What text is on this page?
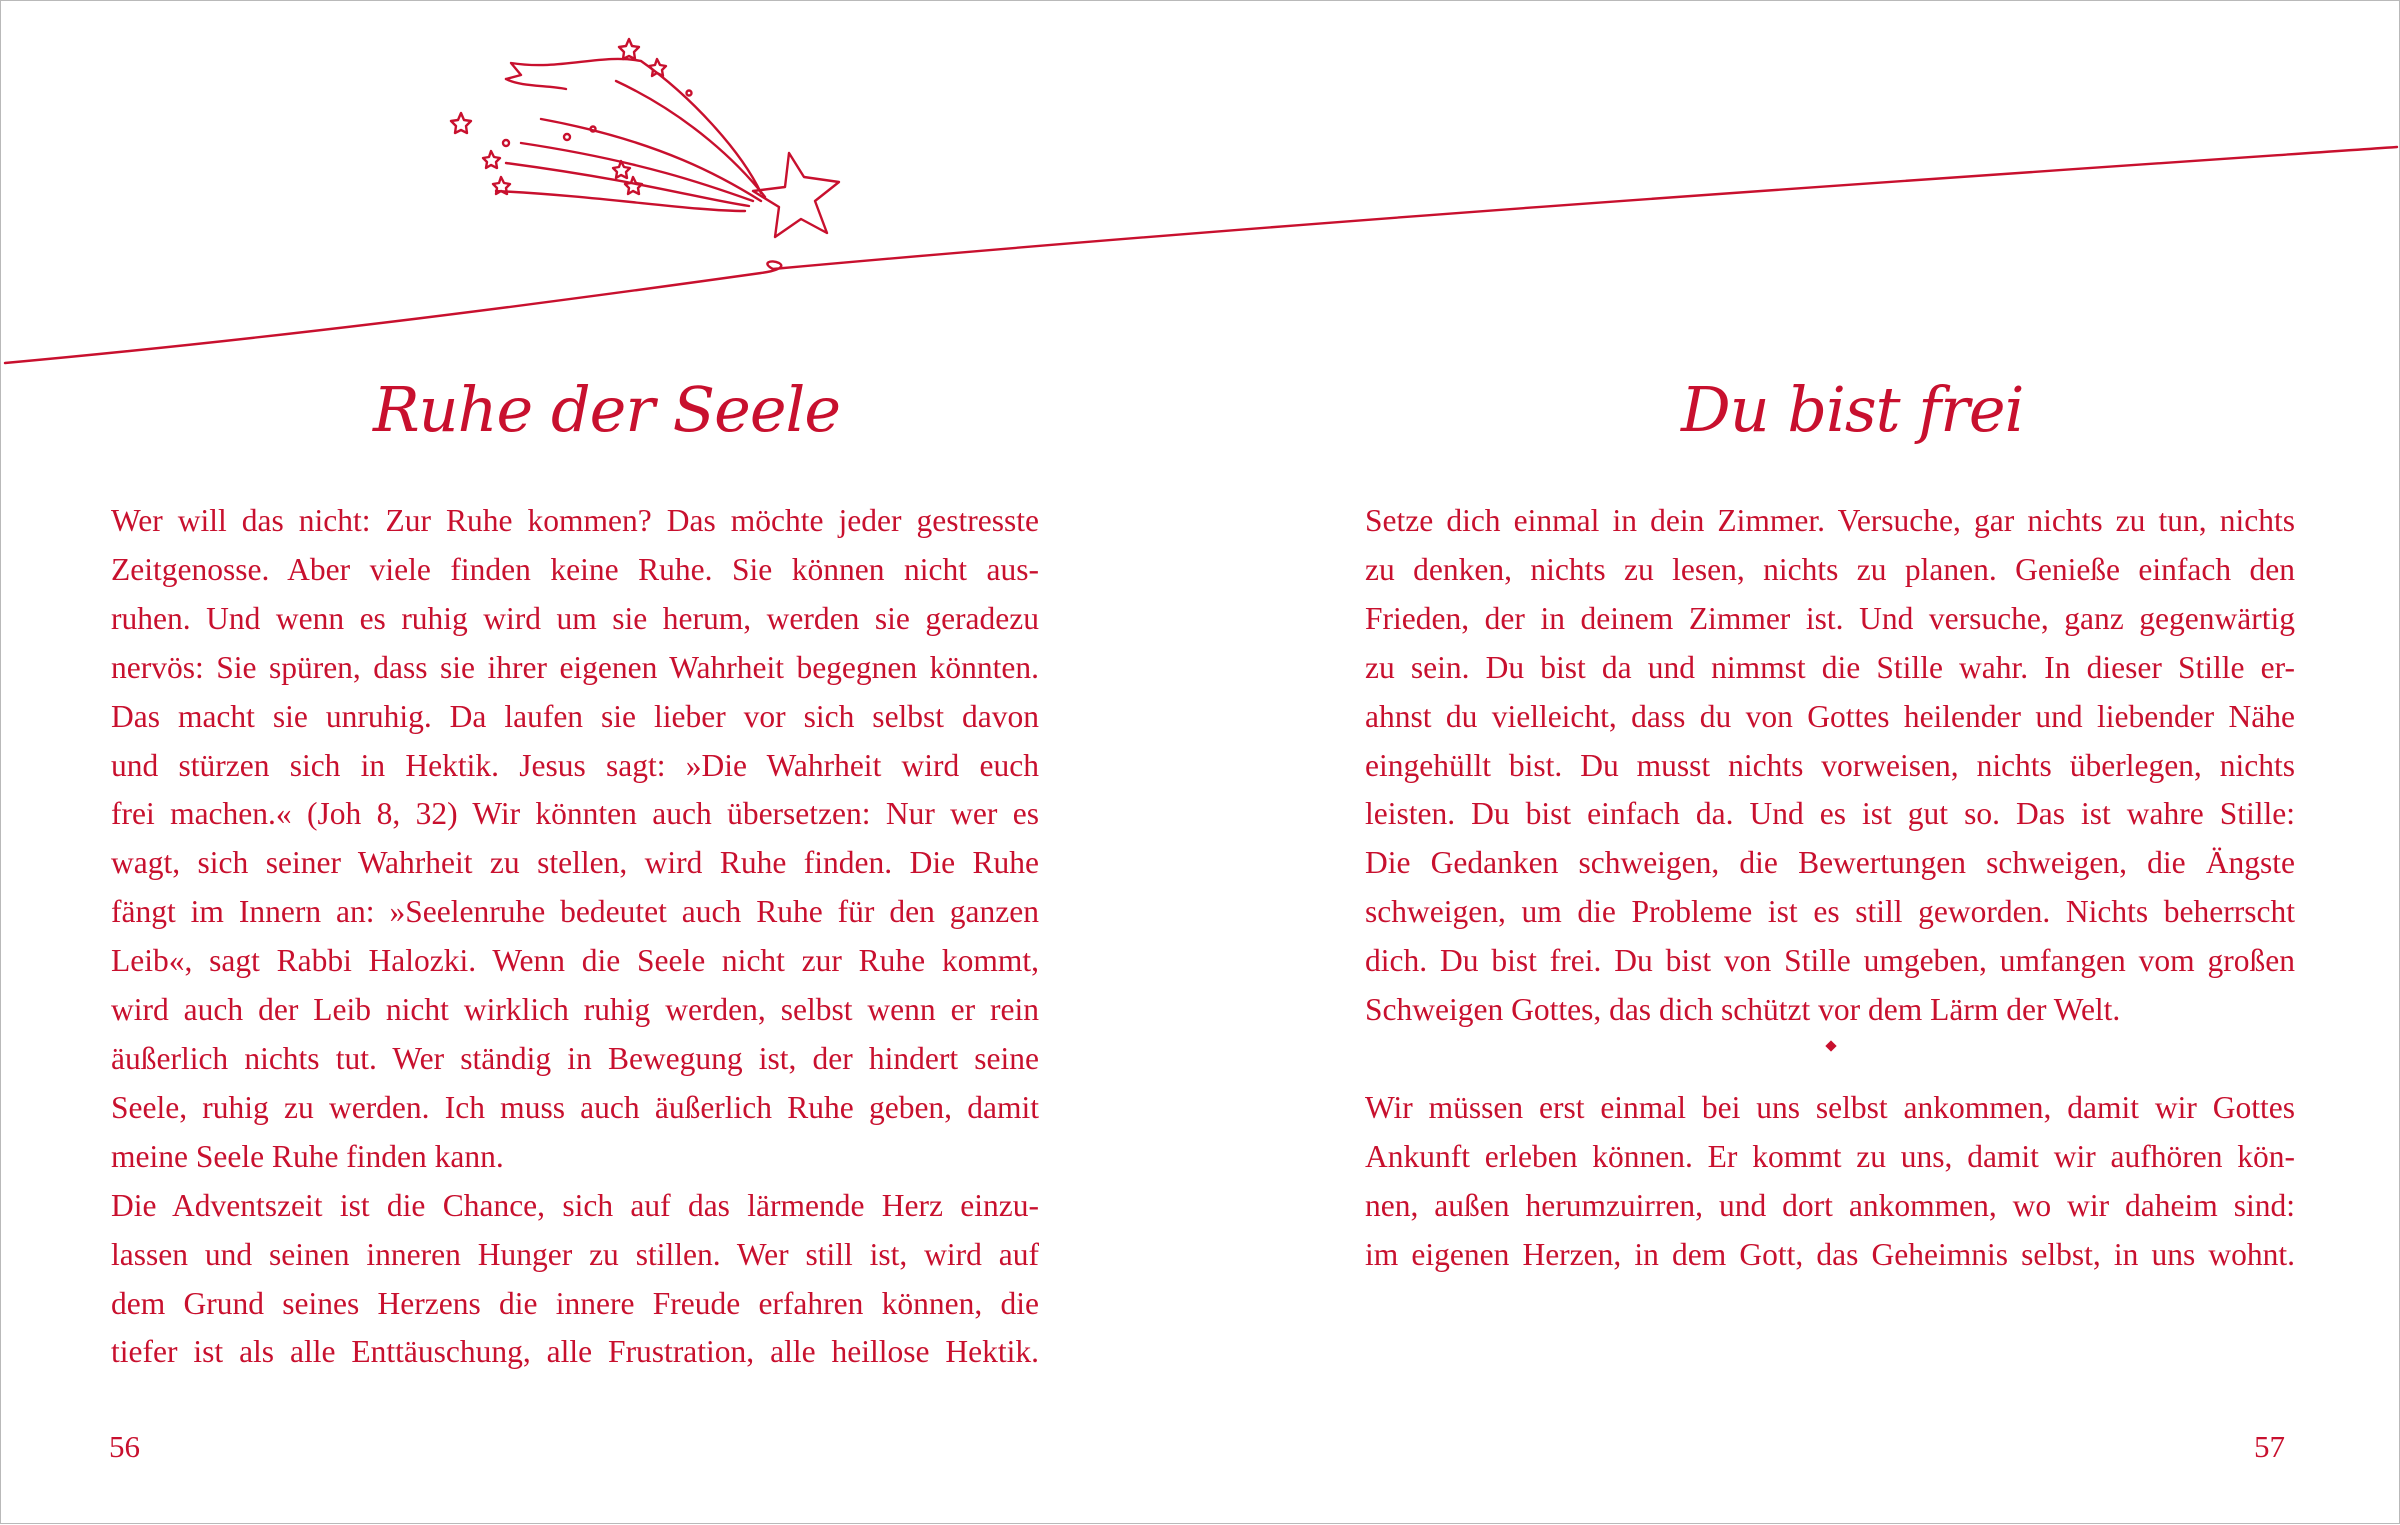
Ruhe der Seele	Du bist frei
Wer will das nicht: Zur Ruhe kommen? Das möchte jeder gestresste
Zeitgenosse. Aber viele finden keine Ruhe. Sie können nicht aus-
ruhen. Und wenn es ruhig wird um sie herum, werden sie geradezu
nervös: Sie spüren, dass sie ihrer eigenen Wahrheit begegnen könnten.
Das macht sie unruhig. Da laufen sie lieber vor sich selbst davon
und stürzen sich in Hektik. Jesus sagt: »Die Wahrheit wird euch
frei machen.« (Joh 8, 32) Wir könnten auch übersetzen: Nur wer es
wagt, sich seiner Wahrheit zu stellen, wird Ruhe finden. Die Ruhe
fängt im Innern an: »Seelenruhe bedeutet auch Ruhe für den ganzen
Leib«, sagt Rabbi Halozki. Wenn die Seele nicht zur Ruhe kommt,
wird auch der Leib nicht wirklich ruhig werden, selbst wenn er rein
äußerlich nichts tut. Wer ständig in Bewegung ist, der hindert seine
Seele, ruhig zu werden. Ich muss auch äußerlich Ruhe geben, damit
meine Seele Ruhe finden kann.
Die Adventszeit ist die Chance, sich auf das lärmende Herz einzu-
lassen und seinen inneren Hunger zu stillen. Wer still ist, wird auf
dem Grund seines Herzens die innere Freude erfahren können, die
tiefer ist als alle Enttäuschung, alle Frustration, alle heillose Hektik.
Setze dich einmal in dein Zimmer. Versuche, gar nichts zu tun, nichts
zu denken, nichts zu lesen, nichts zu planen. Genieße einfach den
Frieden, der in deinem Zimmer ist. Und versuche, ganz gegenwärtig
zu sein. Du bist da und nimmst die Stille wahr. In dieser Stille er-
ahnst du vielleicht, dass du von Gottes heilender und liebender Nähe
eingehüllt bist. Du musst nichts vorweisen, nichts überlegen, nichts
leisten. Du bist einfach da. Und es ist gut so. Das ist wahre Stille:
Die Gedanken schweigen, die Bewertungen schweigen, die Ängste
schweigen, um die Probleme ist es still geworden. Nichts beherrscht
dich. Du bist frei. Du bist von Stille umgeben, umfangen vom großen
Schweigen Gottes, das dich schützt vor dem Lärm der Welt.
Wir müssen erst einmal bei uns selbst ankommen, damit wir Gottes
Ankunft erleben können. Er kommt zu uns, damit wir aufhören kön-
nen, außen herumzuirren, und dort ankommen, wo wir daheim sind:
im eigenen Herzen, in dem Gott, das Geheimnis selbst, in uns wohnt.
56	57
